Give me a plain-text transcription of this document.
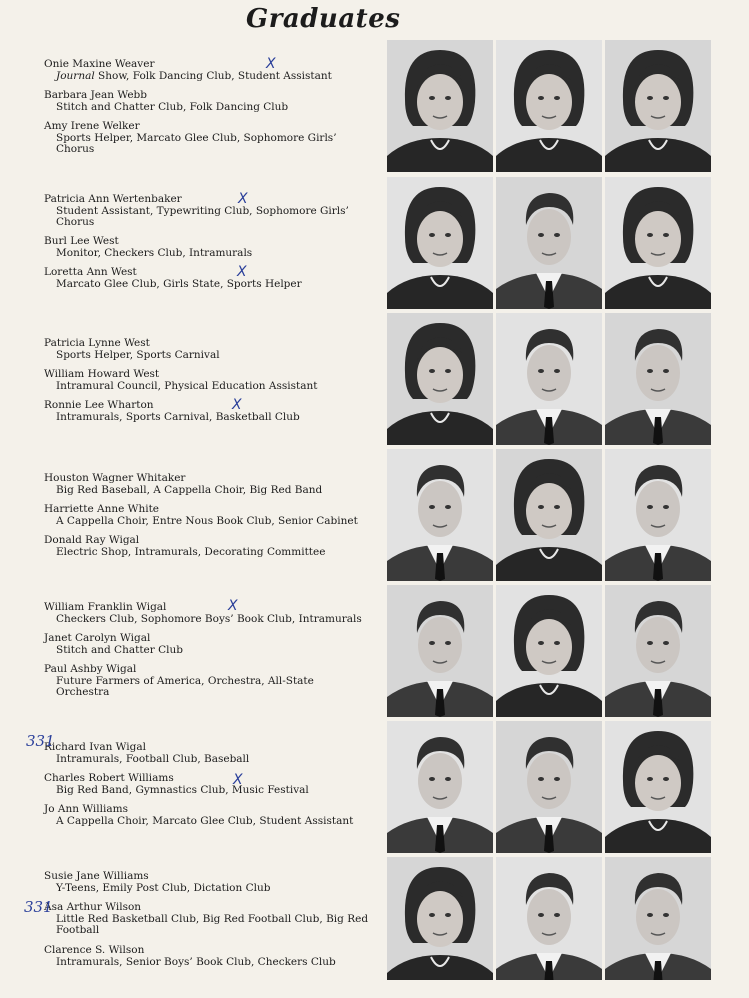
Graduates
Onie Maxine Weaver
Journal Show, Folk Dancing Club, Student Assistant
Barbara Jean Webb
Stitch and Chatter Club, Folk Dancing Club
Amy Irene Welker
Sports Helper, Marcato Glee Club, Sophomore Girls’ Chorus
Patricia Ann Wertenbaker
Student Assistant, Typewriting Club, Sophomore Girls’ Chorus
Burl Lee West
Monitor, Checkers Club, Intramurals
Loretta Ann West
Marcato Glee Club, Girls State, Sports Helper
Patricia Lynne West
Sports Helper, Sports Carnival
William Howard West
Intramural Council, Physical Education Assistant
Ronnie Lee Wharton
Intramurals, Sports Carnival, Basketball Club
Houston Wagner Whitaker
Big Red Baseball, A Cappella Choir, Big Red Band
Harriette Anne White
A Cappella Choir, Entre Nous Book Club, Senior Cabinet
Donald Ray Wigal
Electric Shop, Intramurals, Decorating Committee
William Franklin Wigal
Checkers Club, Sophomore Boys’ Book Club, Intramurals
Janet Carolyn Wigal
Stitch and Chatter Club
Paul Ashby Wigal
Future Farmers of America, Orchestra, All-State Orchestra
Richard Ivan Wigal
Intramurals, Football Club, Baseball
Charles Robert Williams
Big Red Band, Gymnastics Club, Music Festival
Jo Ann Williams
A Cappella Choir, Marcato Glee Club, Student Assistant
Susie Jane Williams
Y-Teens, Emily Post Club, Dictation Club
Asa Arthur Wilson
Little Red Basketball Club, Big Red Football Club, Big Red Football
Clarence S. Wilson
Intramurals, Senior Boys’ Book Club, Checkers Club
X
X
X
X
X
X
331
331
